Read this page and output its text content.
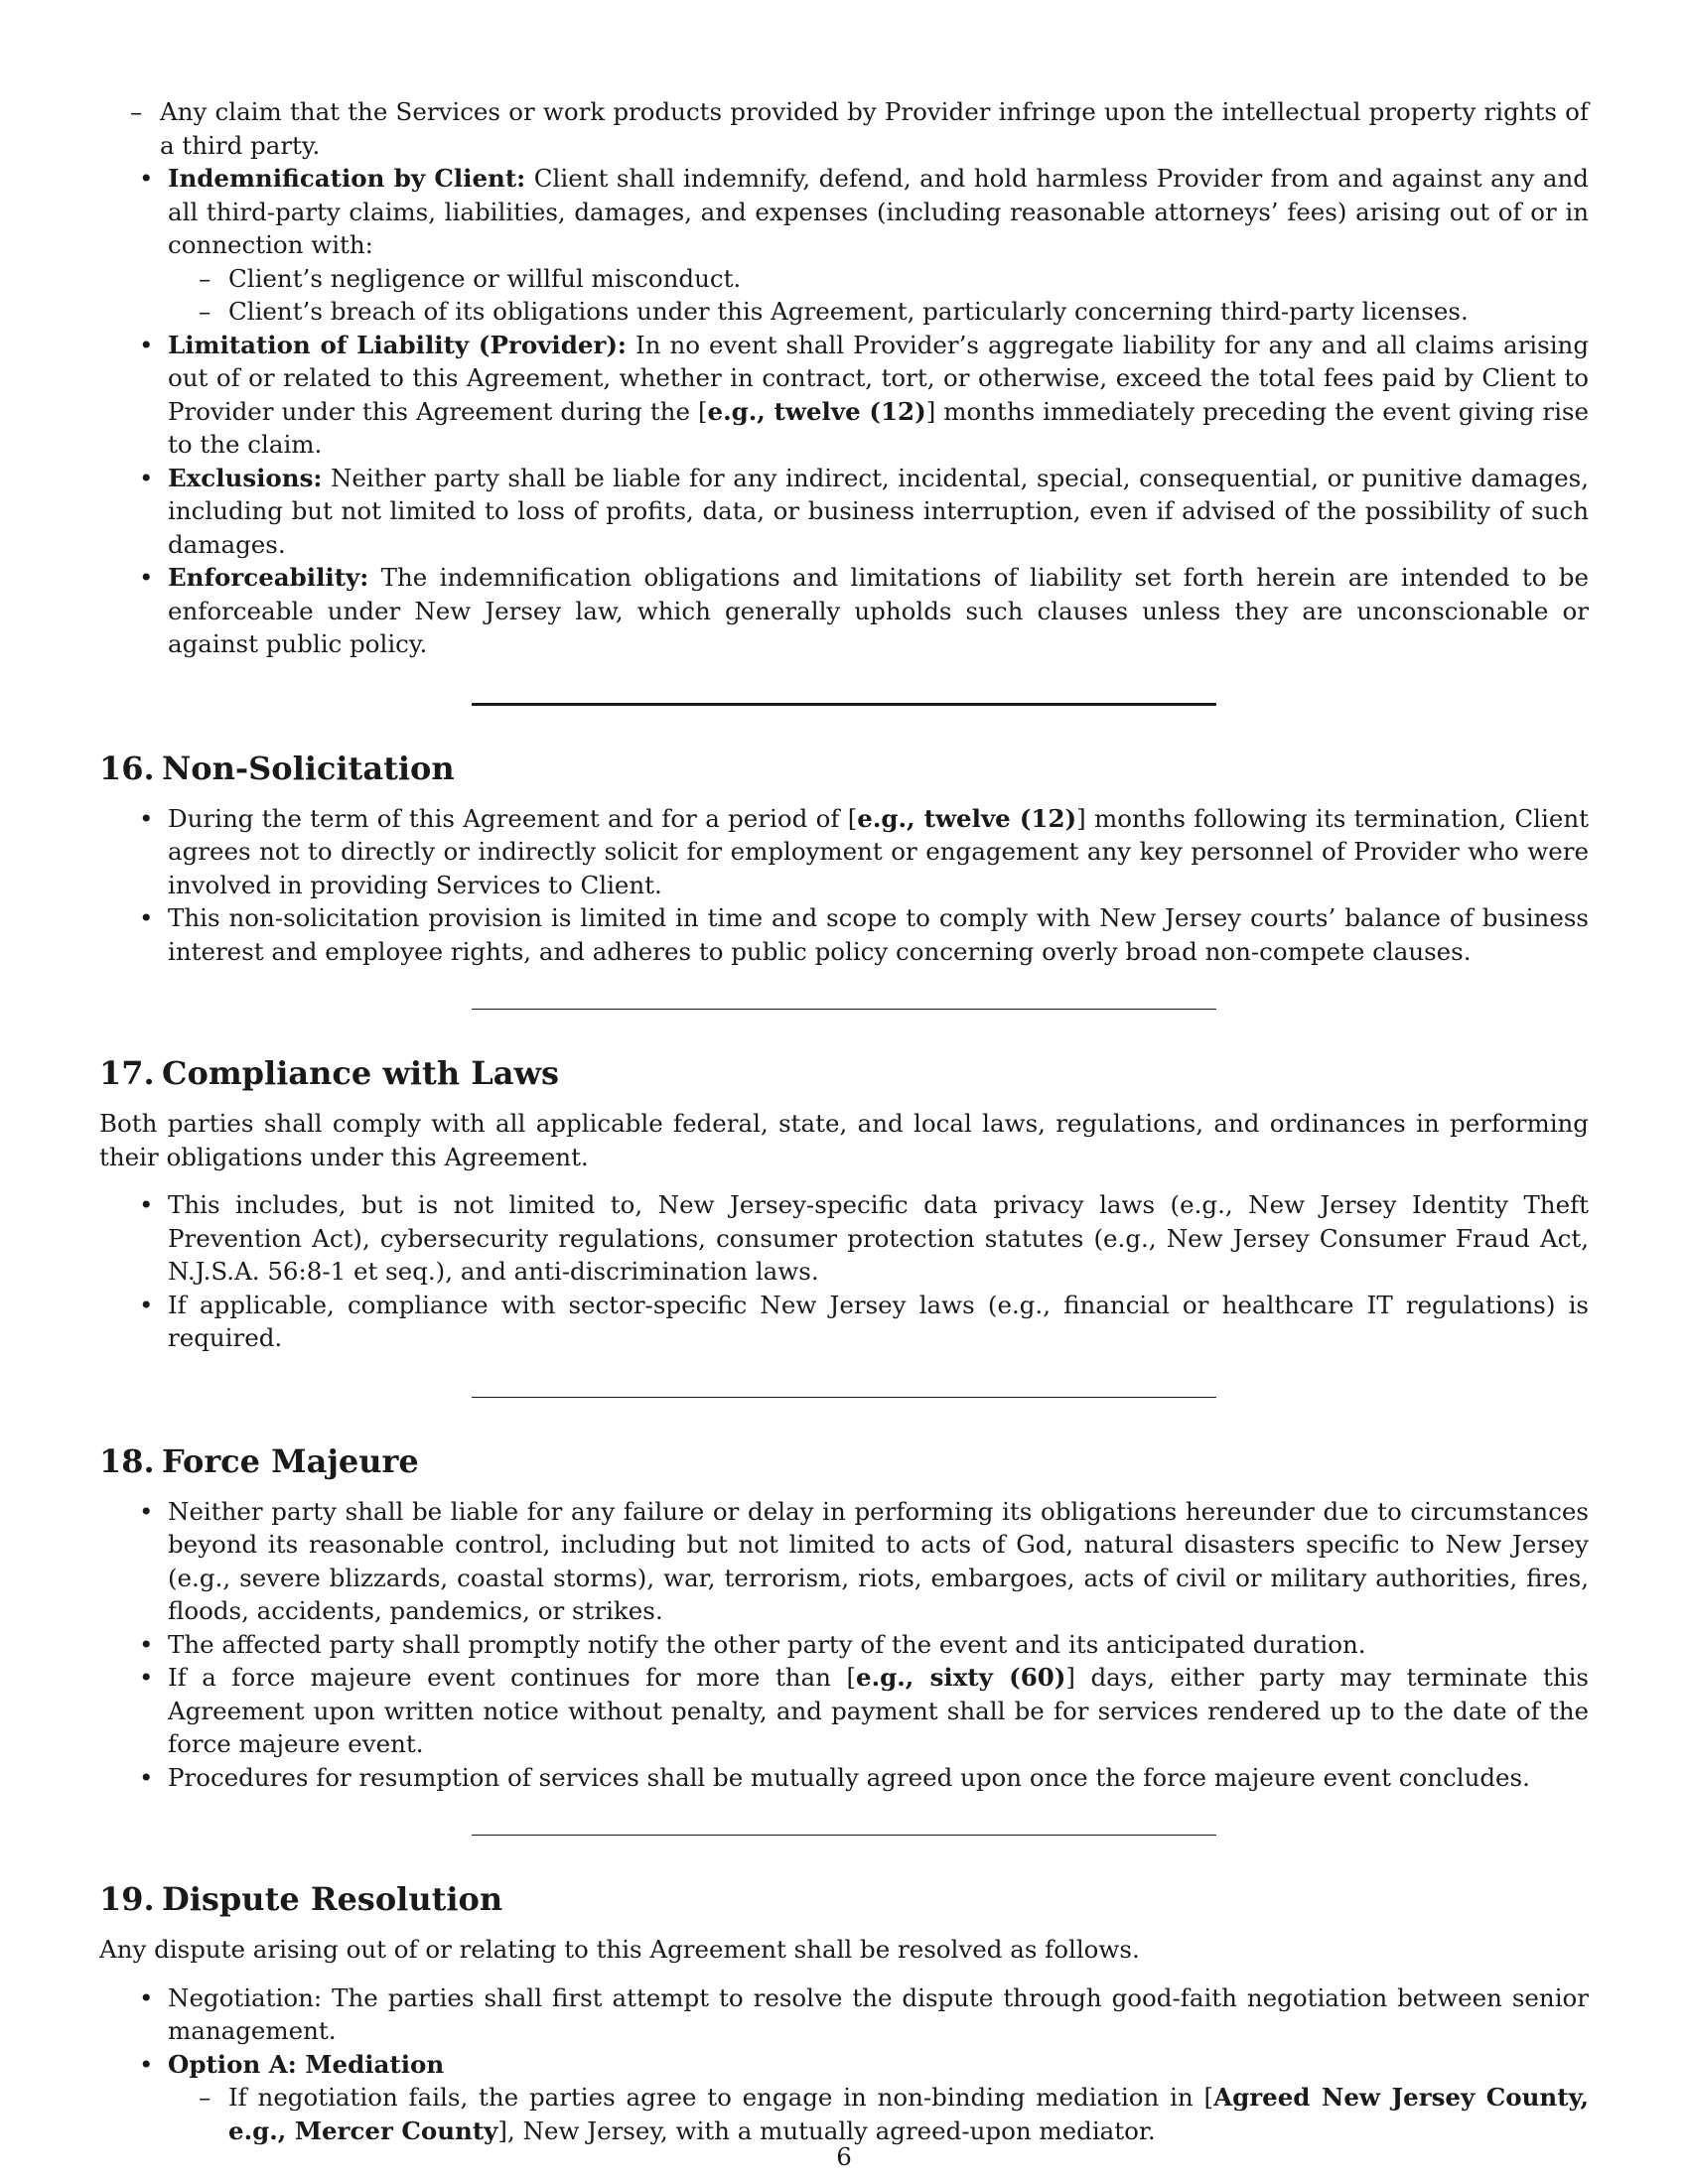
– Any claim that the Services or work products provided by Provider infringe upon the intellectual property rights of a third party.
• Indemnification by Client: Client shall indemnify, defend, and hold harmless Provider from and against any and all third-party claims, liabilities, damages, and expenses (including reasonable attorneys’ fees) arising out of or in connection with:
– Client’s negligence or willful misconduct.
– Client’s breach of its obligations under this Agreement, particularly concerning third-party licenses.
• Limitation of Liability (Provider): In no event shall Provider’s aggregate liability for any and all claims arising out of or related to this Agreement, whether in contract, tort, or otherwise, exceed the total fees paid by Client to Provider under this Agreement during the [e.g., twelve (12)] months immediately preceding the event giving rise to the claim.
• Exclusions: Neither party shall be liable for any indirect, incidental, special, consequential, or punitive damages, including but not limited to loss of profits, data, or business interruption, even if advised of the possibility of such damages.
• Enforceability: The indemnification obligations and limitations of liability set forth herein are intended to be enforceable under New Jersey law, which generally upholds such clauses unless they are unconscionable or against public policy.
16. Non-Solicitation
• During the term of this Agreement and for a period of [e.g., twelve (12)] months following its termination, Client agrees not to directly or indirectly solicit for employment or engagement any key personnel of Provider who were involved in providing Services to Client.
• This non-solicitation provision is limited in time and scope to comply with New Jersey courts’ balance of business interest and employee rights, and adheres to public policy concerning overly broad non-compete clauses.
17. Compliance with Laws

Both parties shall comply with all applicable federal, state, and local laws, regulations, and ordinances in performing their obligations under this Agreement.

• This includes, but is not limited to, New Jersey-specific data privacy laws (e.g., New Jersey Identity Theft Prevention Act), cybersecurity regulations, consumer protection statutes (e.g., New Jersey Consumer Fraud Act, N.J.S.A. 56:8-1 et seq.), and anti-discrimination laws.
• If applicable, compliance with sector-specific New Jersey laws (e.g., financial or healthcare IT regulations) is required.
18. Force Majeure
• Neither party shall be liable for any failure or delay in performing its obligations hereunder due to circumstances beyond its reasonable control, including but not limited to acts of God, natural disasters specific to New Jersey (e.g., severe blizzards, coastal storms), war, terrorism, riots, embargoes, acts of civil or military authorities, fires, floods, accidents, pandemics, or strikes.
• The affected party shall promptly notify the other party of the event and its anticipated duration.
• If a force majeure event continues for more than [e.g., sixty (60)] days, either party may terminate this Agreement upon written notice without penalty, and payment shall be for services rendered up to the date of the force majeure event.
• Procedures for resumption of services shall be mutually agreed upon once the force majeure event concludes.
19. Dispute Resolution

Any dispute arising out of or relating to this Agreement shall be resolved as follows.

• Negotiation: The parties shall first attempt to resolve the dispute through good-faith negotiation between senior management.
• Option A: Mediation
– If negotiation fails, the parties agree to engage in non-binding mediation in [Agreed New Jersey County, e.g., Mercer County], New Jersey, with a mutually agreed-upon mediator.
6
